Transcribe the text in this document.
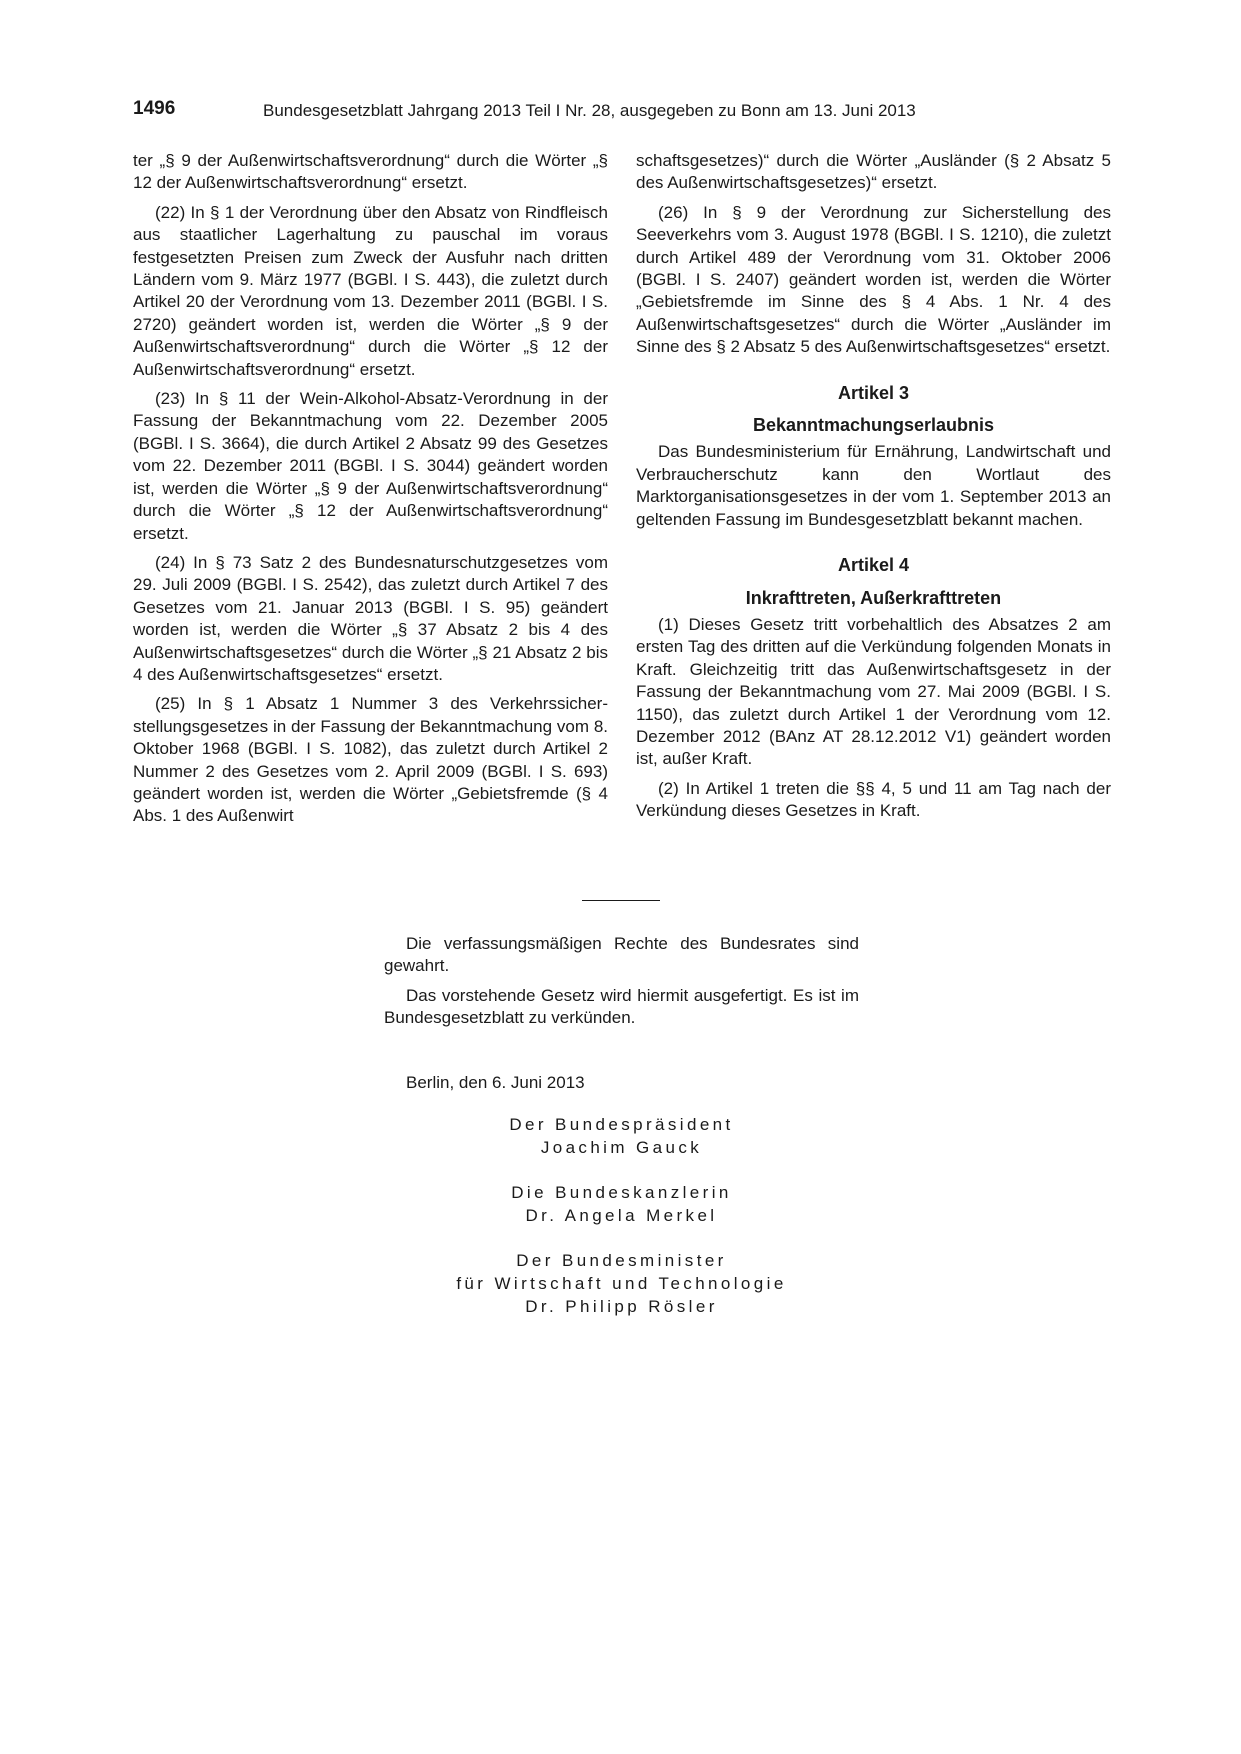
1496	Bundesgesetzblatt Jahrgang 2013 Teil I Nr. 28, ausgegeben zu Bonn am 13. Juni 2013

ter „§ 9 der Außenwirtschaftsverordnung“ durch die Wörter „§ 12 der Außenwirtschaftsverordnung“ ersetzt.

(22) In § 1 der Verordnung über den Absatz von Rindfleisch aus staatlicher Lagerhaltung zu pauschal im voraus festgesetzten Preisen zum Zweck der Ausfuhr nach dritten Ländern vom 9. März 1977 (BGBl. I S. 443), die zuletzt durch Artikel 20 der Verordnung vom 13. Dezember 2011 (BGBl. I S. 2720) geändert worden ist, werden die Wörter „§ 9 der Außenwirtschaftsverordnung“ durch die Wörter „§ 12 der Außenwirtschaftsverordnung“ ersetzt.

(23) In § 11 der Wein-Alkohol-Absatz-Verordnung in der Fassung der Bekanntmachung vom 22. Dezember 2005 (BGBl. I S. 3664), die durch Artikel 2 Absatz 99 des Gesetzes vom 22. Dezember 2011 (BGBl. I S. 3044) geändert worden ist, werden die Wörter „§ 9 der Außenwirtschaftsverordnung“ durch die Wörter „§ 12 der Außenwirtschaftsverordnung“ ersetzt.

(24) In § 73 Satz 2 des Bundesnaturschutzgesetzes vom 29. Juli 2009 (BGBl. I S. 2542), das zuletzt durch Artikel 7 des Gesetzes vom 21. Januar 2013 (BGBl. I S. 95) geändert worden ist, werden die Wörter „§ 37 Absatz 2 bis 4 des Außenwirtschaftsgesetzes“ durch die Wörter „§ 21 Absatz 2 bis 4 des Außenwirtschaftsgesetzes“ ersetzt.

(25) In § 1 Absatz 1 Nummer 3 des Verkehrssicherstellungsgesetzes in der Fassung der Bekanntmachung vom 8. Oktober 1968 (BGBl. I S. 1082), das zuletzt durch Artikel 2 Nummer 2 des Gesetzes vom 2. April 2009 (BGBl. I S. 693) geändert worden ist, werden die Wörter „Gebietsfremde (§ 4 Abs. 1 des Außenwirt

schaftsgesetzes)“ durch die Wörter „Ausländer (§ 2 Absatz 5 des Außenwirtschaftsgesetzes)“ ersetzt.

(26) In § 9 der Verordnung zur Sicherstellung des Seeverkehrs vom 3. August 1978 (BGBl. I S. 1210), die zuletzt durch Artikel 489 der Verordnung vom 31. Oktober 2006 (BGBl. I S. 2407) geändert worden ist, werden die Wörter „Gebietsfremde im Sinne des § 4 Abs. 1 Nr. 4 des Außenwirtschaftsgesetzes“ durch die Wörter „Ausländer im Sinne des § 2 Absatz 5 des Außenwirtschaftsgesetzes“ ersetzt.

Artikel 3
Bekanntmachungserlaubnis

Das Bundesministerium für Ernährung, Landwirtschaft und Verbraucherschutz kann den Wortlaut des Marktorganisationsgesetzes in der vom 1. September 2013 an geltenden Fassung im Bundesgesetzblatt bekannt machen.

Artikel 4
Inkrafttreten, Außerkrafttreten

(1) Dieses Gesetz tritt vorbehaltlich des Absatzes 2 am ersten Tag des dritten auf die Verkündung folgenden Monats in Kraft. Gleichzeitig tritt das Außenwirtschaftsgesetz in der Fassung der Bekanntmachung vom 27. Mai 2009 (BGBl. I S. 1150), das zuletzt durch Artikel 1 der Verordnung vom 12. Dezember 2012 (BAnz AT 28.12.2012 V1) geändert worden ist, außer Kraft.

(2) In Artikel 1 treten die §§ 4, 5 und 11 am Tag nach der Verkündung dieses Gesetzes in Kraft.

Die verfassungsmäßigen Rechte des Bundesrates sind gewahrt.

Das vorstehende Gesetz wird hiermit ausgefertigt. Es ist im Bundesgesetzblatt zu verkünden.

Berlin, den 6. Juni 2013
Der Bundespräsident
Joachim Gauck
Die Bundeskanzlerin
Dr. Angela Merkel
Der Bundesminister
für Wirtschaft und Technologie
Dr. Philipp Rösler
